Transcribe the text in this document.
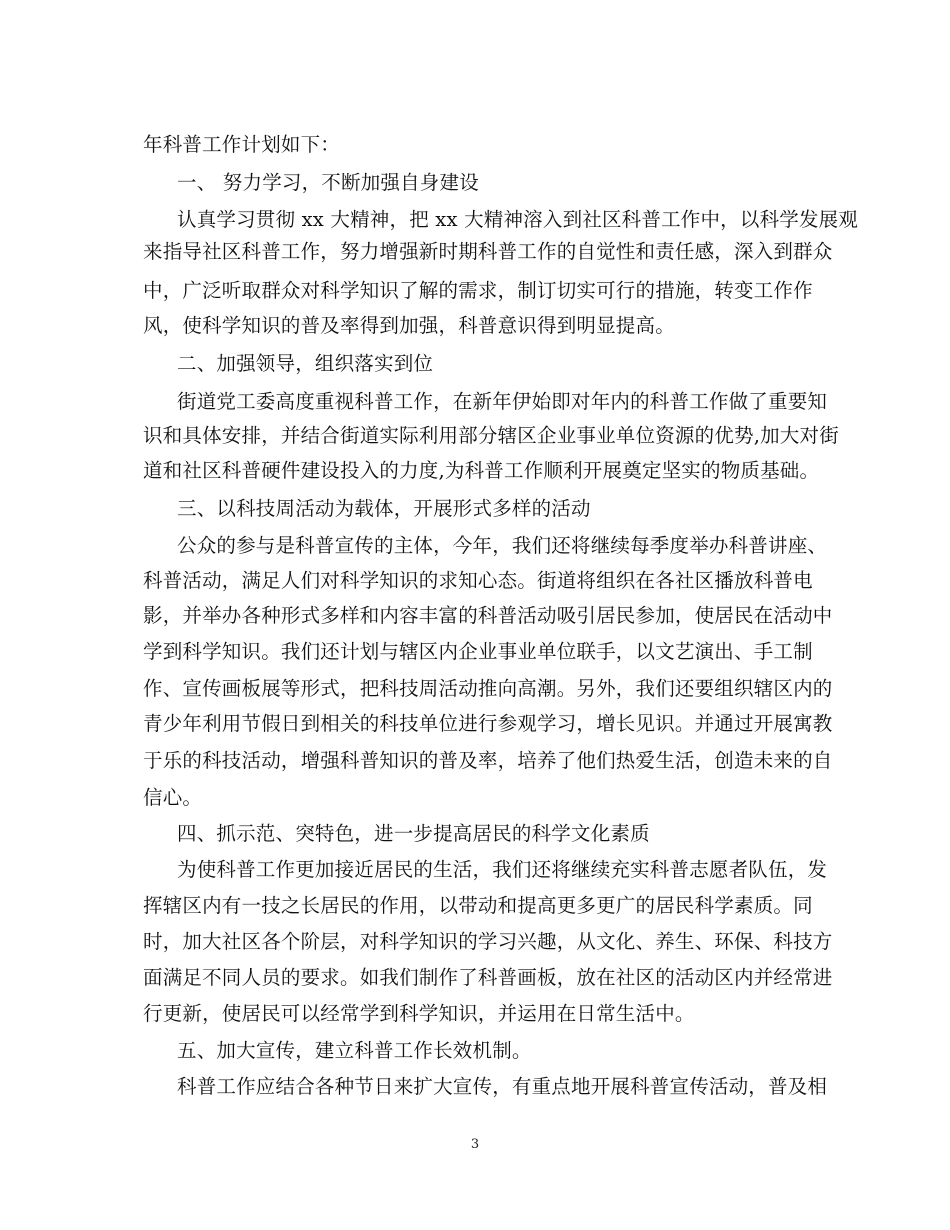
年科普工作计划如下：
一、 努力学习，不断加强自身建设
认真学习贯彻 xx 大精神，把 xx 大精神溶入到社区科普工作中，以科学发展观
来指导社区科普工作，努力增强新时期科普工作的自觉性和责任感，深入到群众
中，广泛听取群众对科学知识了解的需求，制订切实可行的措施，转变工作作
风，使科学知识的普及率得到加强，科普意识得到明显提高。
二、加强领导，组织落实到位
街道党工委高度重视科普工作，在新年伊始即对年内的科普工作做了重要知
识和具体安排，并结合街道实际利用部分辖区企业事业单位资源的优势,加大对街
道和社区科普硬件建设投入的力度,为科普工作顺利开展奠定坚实的物质基础。
三、以科技周活动为载体，开展形式多样的活动
公众的参与是科普宣传的主体，今年，我们还将继续每季度举办科普讲座、
科普活动，满足人们对科学知识的求知心态。街道将组织在各社区播放科普电
影，并举办各种形式多样和内容丰富的科普活动吸引居民参加，使居民在活动中
学到科学知识。我们还计划与辖区内企业事业单位联手，以文艺演出、手工制
作、宣传画板展等形式，把科技周活动推向高潮。另外，我们还要组织辖区内的
青少年利用节假日到相关的科技单位进行参观学习，增长见识。并通过开展寓教
于乐的科技活动，增强科普知识的普及率，培养了他们热爱生活，创造未来的自
信心。
四、抓示范、突特色，进一步提高居民的科学文化素质
为使科普工作更加接近居民的生活，我们还将继续充实科普志愿者队伍，发
挥辖区内有一技之长居民的作用，以带动和提高更多更广的居民科学素质。同
时，加大社区各个阶层，对科学知识的学习兴趣，从文化、养生、环保、科技方
面满足不同人员的要求。如我们制作了科普画板，放在社区的活动区内并经常进
行更新，使居民可以经常学到科学知识，并运用在日常生活中。
五、加大宣传，建立科普工作长效机制。
科普工作应结合各种节日来扩大宣传，有重点地开展科普宣传活动，普及相
3
